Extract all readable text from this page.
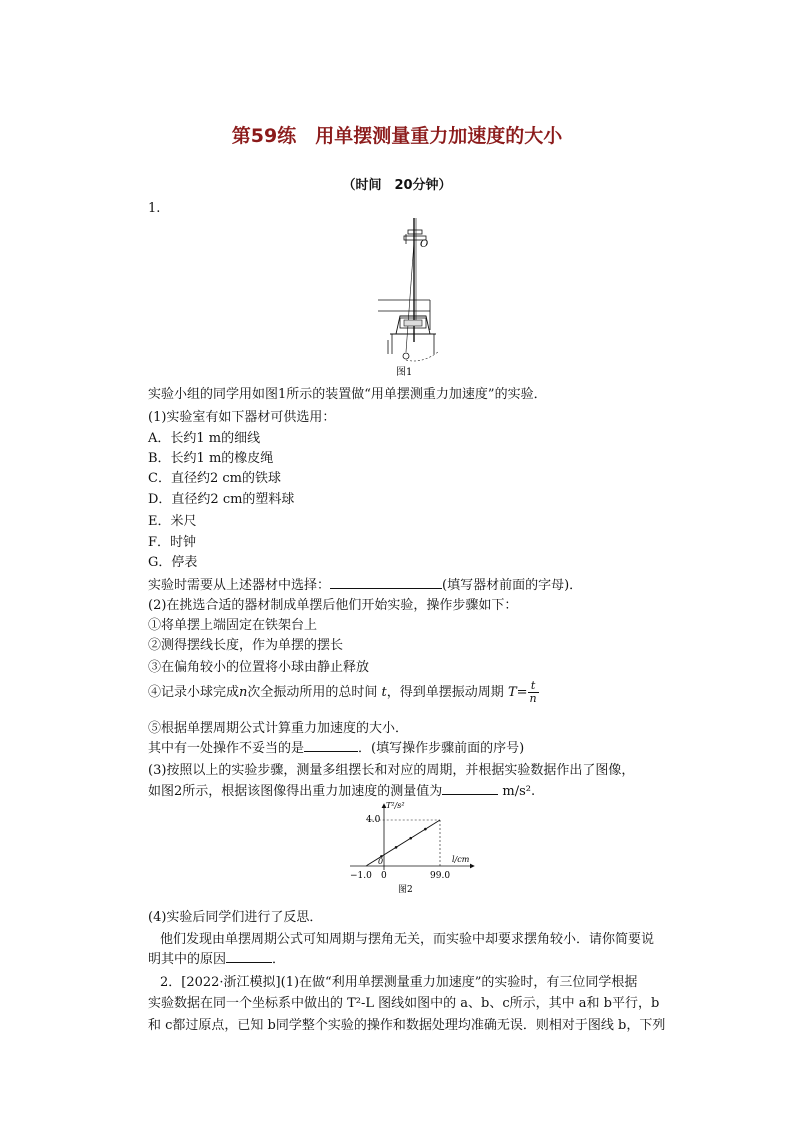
第59练　用单摆测量重力加速度的大小
（时间　20分钟）
1.
O
图1
实验小组的同学用如图1所示的装置做“用单摆测重力加速度”的实验．
(1)实验室有如下器材可供选用：
A．长约1 m的细线
B．长约1 m的橡皮绳
C．直径约2 cm的铁球
D．直径约2 cm的塑料球
E．米尺
F．时钟
G．停表
实验时需要从上述器材中选择：	(填写器材前面的字母)．
(2)在挑选合适的器材制成单摆后他们开始实验，操作步骤如下：
①将单摆上端固定在铁架台上
②测得摆线长度，作为单摆的摆长
③在偏角较小的位置将小球由静止释放
④记录小球完成n次全振动所用的总时间 t，得到单摆振动周期 $T= \frac{t}{n}$
⑤根据单摆周期公式计算重力加速度的大小．
其中有一处操作不妥当的是	．(填写操作步骤前面的序号)
(3)按照以上的实验步骤，测量多组摆长和对应的周期，并根据实验数据作出了图像，
如图2所示，根据该图像得出重力加速度的测量值为	m/s².
T²/s²
l/cm
4.0
−1.0 0	99.0
0
图2
(4)实验后同学们进行了反思．
他们发现由单摆周期公式可知周期与摆角无关，而实验中却要求摆角较小．请你简要说
明其中的原因	．
2．[2022·浙江模拟](1)在做“利用单摆测量重力加速度”的实验时，有三位同学根据
实验数据在同一个坐标系中做出的 T²-L 图线如图中的 a、b、c所示，其中 a和 b平行，b
和 c都过原点，已知 b同学整个实验的操作和数据处理均准确无误．则相对于图线 b，下列
